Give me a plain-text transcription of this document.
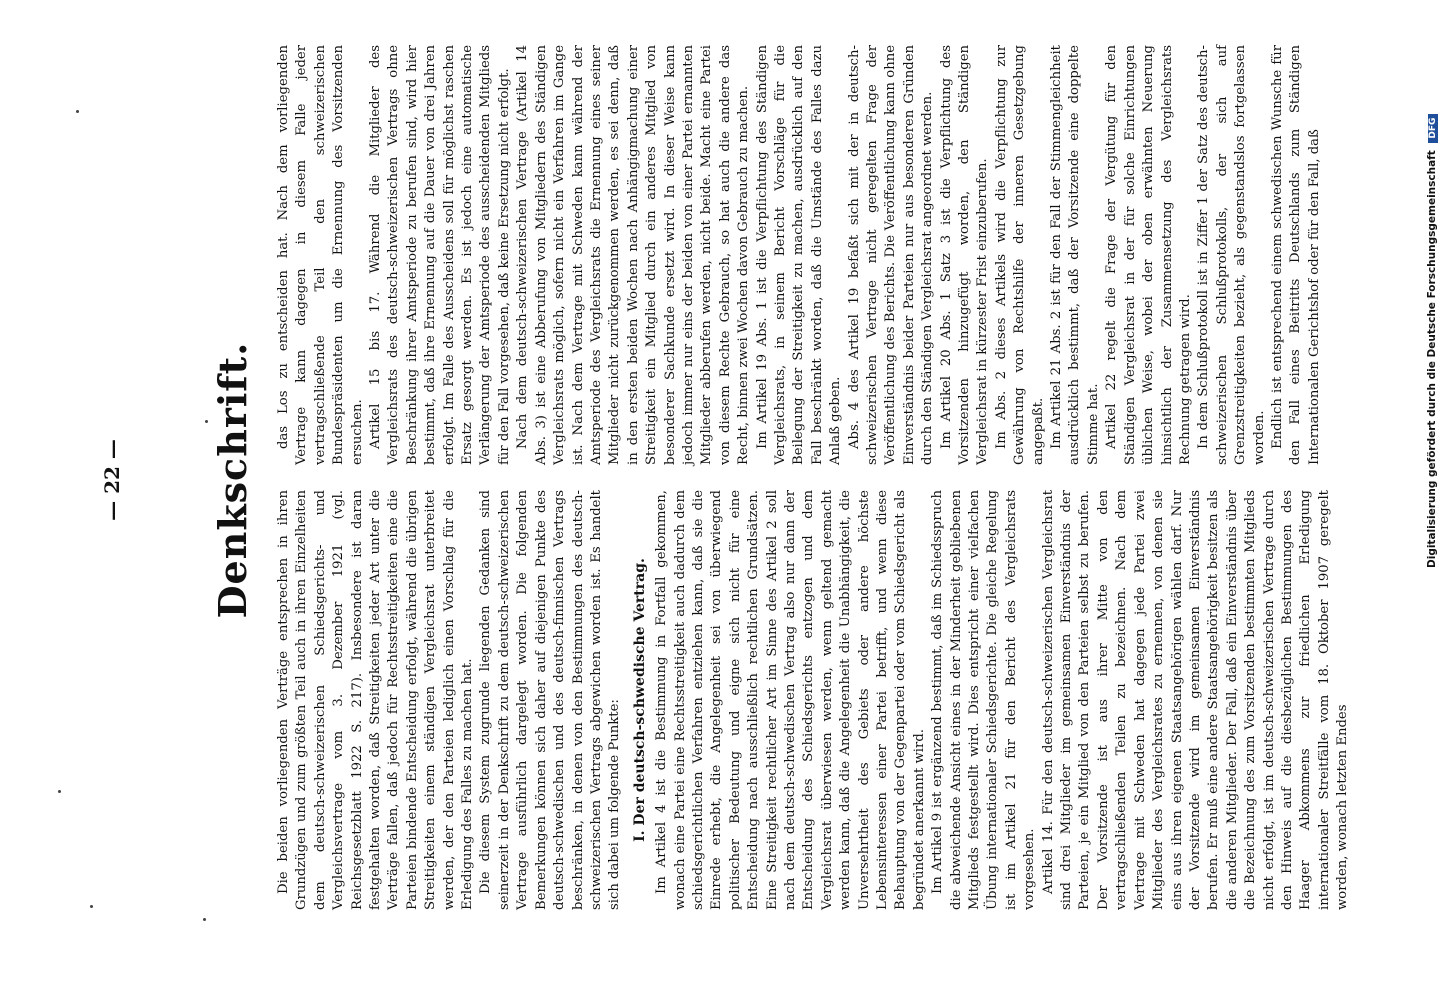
— 22 — Denkschrift.

Die beiden vorliegenden Verträge entsprechen in ihren Grundzügen und zum größten Teil auch in ihren Einzelheiten dem deutsch-schweizerischen Schiedsgerichts- und Vergleichsvertrage vom 3. Dezember 1921 (vgl. Reichsgesetzblatt 1922 S. 217). Insbesondere ist daran festgehalten worden, daß Streitigkeiten jeder Art unter die Verträge fallen, daß jedoch für Rechtsstreitigkeiten eine die Parteien bindende Entscheidung erfolgt, während die übrigen Streitigkeiten einem ständigen Vergleichsrat unterbreitet werden, der den Parteien lediglich einen Vorschlag für die Erledigung des Falles zu machen hat. Die diesem System zugrunde liegenden Gedanken sind seinerzeit in der Denkschrift zu dem deutsch-schweizerischen Vertrage ausführlich dargelegt worden. Die folgenden Bemerkungen können sich daher auf diejenigen Punkte des deutsch-schwedischen und des deutsch-finnischen Vertrags beschränken, in denen von den Bestimmungen des deutsch-schweizerischen Vertrags abgewichen worden ist. Es handelt sich dabei um folgende Punkte: I. Der deutsch-schwedische Vertrag. Im Artikel 4 ist die Bestimmung in Fortfall gekommen, wonach eine Partei eine Rechtsstreitigkeit auch dadurch dem schiedsgerichtlichen Verfahren entziehen kann, daß sie die Einrede erhebt, die Angelegenheit sei von überwiegend politischer Bedeutung und eigne sich nicht für eine Entscheidung nach ausschließlich rechtlichen Grundsätzen. Eine Streitigkeit rechtlicher Art im Sinne des Artikel 2 soll nach dem deutsch-schwedischen Vertrag also nur dann der Entscheidung des Schiedsgerichts entzogen und dem Vergleichsrat überwiesen werden, wenn geltend gemacht werden kann, daß die Angelegenheit die Unabhängigkeit, die Unversehrtheit des Gebiets oder andere höchste Lebensinteressen einer Partei betrifft, und wenn diese Behauptung von der Gegenpartei oder vom Schiedsgericht als begründet anerkannt wird. Im Artikel 9 ist ergänzend bestimmt, daß im Schiedsspruch die abweichende Ansicht eines in der Minderheit gebliebenen Mitglieds festgestellt wird. Dies entspricht einer vielfachen Übung internationaler Schiedsgerichte. Die gleiche Regelung ist im Artikel 21 für den Bericht des Vergleichsrats vorgesehen. Artikel 14. Für den deutsch-schweizerischen Vergleichsrat sind drei Mitglieder im gemeinsamen Einverständnis der Parteien, je ein Mitglied von den Parteien selbst zu berufen. Der Vorsitzende ist aus ihrer Mitte von den vertragschließenden Teilen zu bezeichnen. Nach dem Vertrage mit Schweden hat dagegen jede Partei zwei Mitglieder des Vergleichsrates zu ernennen, von denen sie eins aus ihren eigenen Staatsangehörigen wählen darf. Nur der Vorsitzende wird im gemeinsamen Einverständnis berufen. Er muß eine andere Staatsangehörigkeit besitzen als die anderen Mitglieder. Der Fall, daß ein Einverständnis über die Bezeichnung des zum Vorsitzenden bestimmten Mitglieds nicht erfolgt, ist im deutsch-schweizerischen Vertrage durch den Hinweis auf die diesbezüglichen Bestimmungen des Haager Abkommens zur friedlichen Erledigung internationaler Streitfälle vom 18. Oktober 1907 geregelt worden, wonach letzten Endes

das Los zu entscheiden hat. Nach dem vorliegenden Vertrage kann dagegen in diesem Falle jeder vertragschließende Teil den schweizerischen Bundespräsidenten um die Ernennung des Vorsitzenden ersuchen. Artikel 15 bis 17. Während die Mitglieder des Vergleichsrats des deutsch-schweizerischen Vertrags ohne Beschränkung ihrer Amtsperiode zu berufen sind, wird hier bestimmt, daß ihre Ernennung auf die Dauer von drei Jahren erfolgt. Im Falle des Ausscheidens soll für möglichst raschen Ersatz gesorgt werden. Es ist jedoch eine automatische Verlängerung der Amtsperiode des ausscheidenden Mitglieds für den Fall vorgesehen, daß keine Ersetzung nicht erfolgt. Nach dem deutsch-schweizerischen Vertrage (Artikel 14 Abs. 3) ist eine Abberufung von Mitgliedern des Ständigen Vergleichsrats möglich, sofern nicht ein Verfahren im Gange ist. Nach dem Vertrage mit Schweden kann während der Amtsperiode des Vergleichsrats die Ernennung eines seiner Mitglieder nicht zurückgenommen werden, es sei denn, daß in den ersten beiden Wochen nach Anhängigmachung einer Streitigkeit ein Mitglied durch ein anderes Mitglied von besonderer Sachkunde ersetzt wird. In dieser Weise kann jedoch immer nur eins der beiden von einer Partei ernannten Mitglieder abberufen werden, nicht beide. Macht eine Partei von diesem Rechte Gebrauch, so hat auch die andere das Recht, binnen zwei Wochen davon Gebrauch zu machen. Im Artikel 19 Abs. 1 ist die Verpflichtung des Ständigen Vergleichsrats, in seinem Bericht Vorschläge für die Beilegung der Streitigkeit zu machen, ausdrücklich auf den Fall beschränkt worden, daß die Umstände des Falles dazu Anlaß geben. Abs. 4 des Artikel 19 befaßt sich mit der in deutsch-schweizerischen Vertrage nicht geregelten Frage der Veröffentlichung des Berichts. Die Veröffentlichung kann ohne Einverständnis beider Parteien nur aus besonderen Gründen durch den Ständigen Vergleichsrat angeordnet werden. Im Artikel 20 Abs. 1 Satz 3 ist die Verpflichtung des Vorsitzenden hinzugefügt worden, den Ständigen Vergleichsrat in kürzester Frist einzuberufen. Im Abs. 2 dieses Artikels wird die Verpflichtung zur Gewährung von Rechtshilfe der inneren Gesetzgebung angepaßt. Im Artikel 21 Abs. 2 ist für den Fall der Stimmengleichheit ausdrücklich bestimmt, daß der Vorsitzende eine doppelte Stimme hat. Artikel 22 regelt die Frage der Vergütung für den Ständigen Vergleichsrat in der für solche Einrichtungen üblichen Weise, wobei der oben erwähnten Neuerung hinsichtlich der Zusammensetzung des Vergleichsrats Rechnung getragen wird. In dem Schlußprotokoll ist in Ziffer 1 der Satz des deutsch-schweizerischen Schlußprotokolls, der sich auf Grenzstreitigkeiten bezieht, als gegenstandslos fortgelassen worden. Endlich ist entsprechend einem schwedischen Wunsche für den Fall eines Beitritts Deutschlands zum Ständigen Internationalen Gerichtshof oder für den Fall, daß	Digitalisierung gefördert durch die Deutsche Forschungsgemeinschaft DFG
